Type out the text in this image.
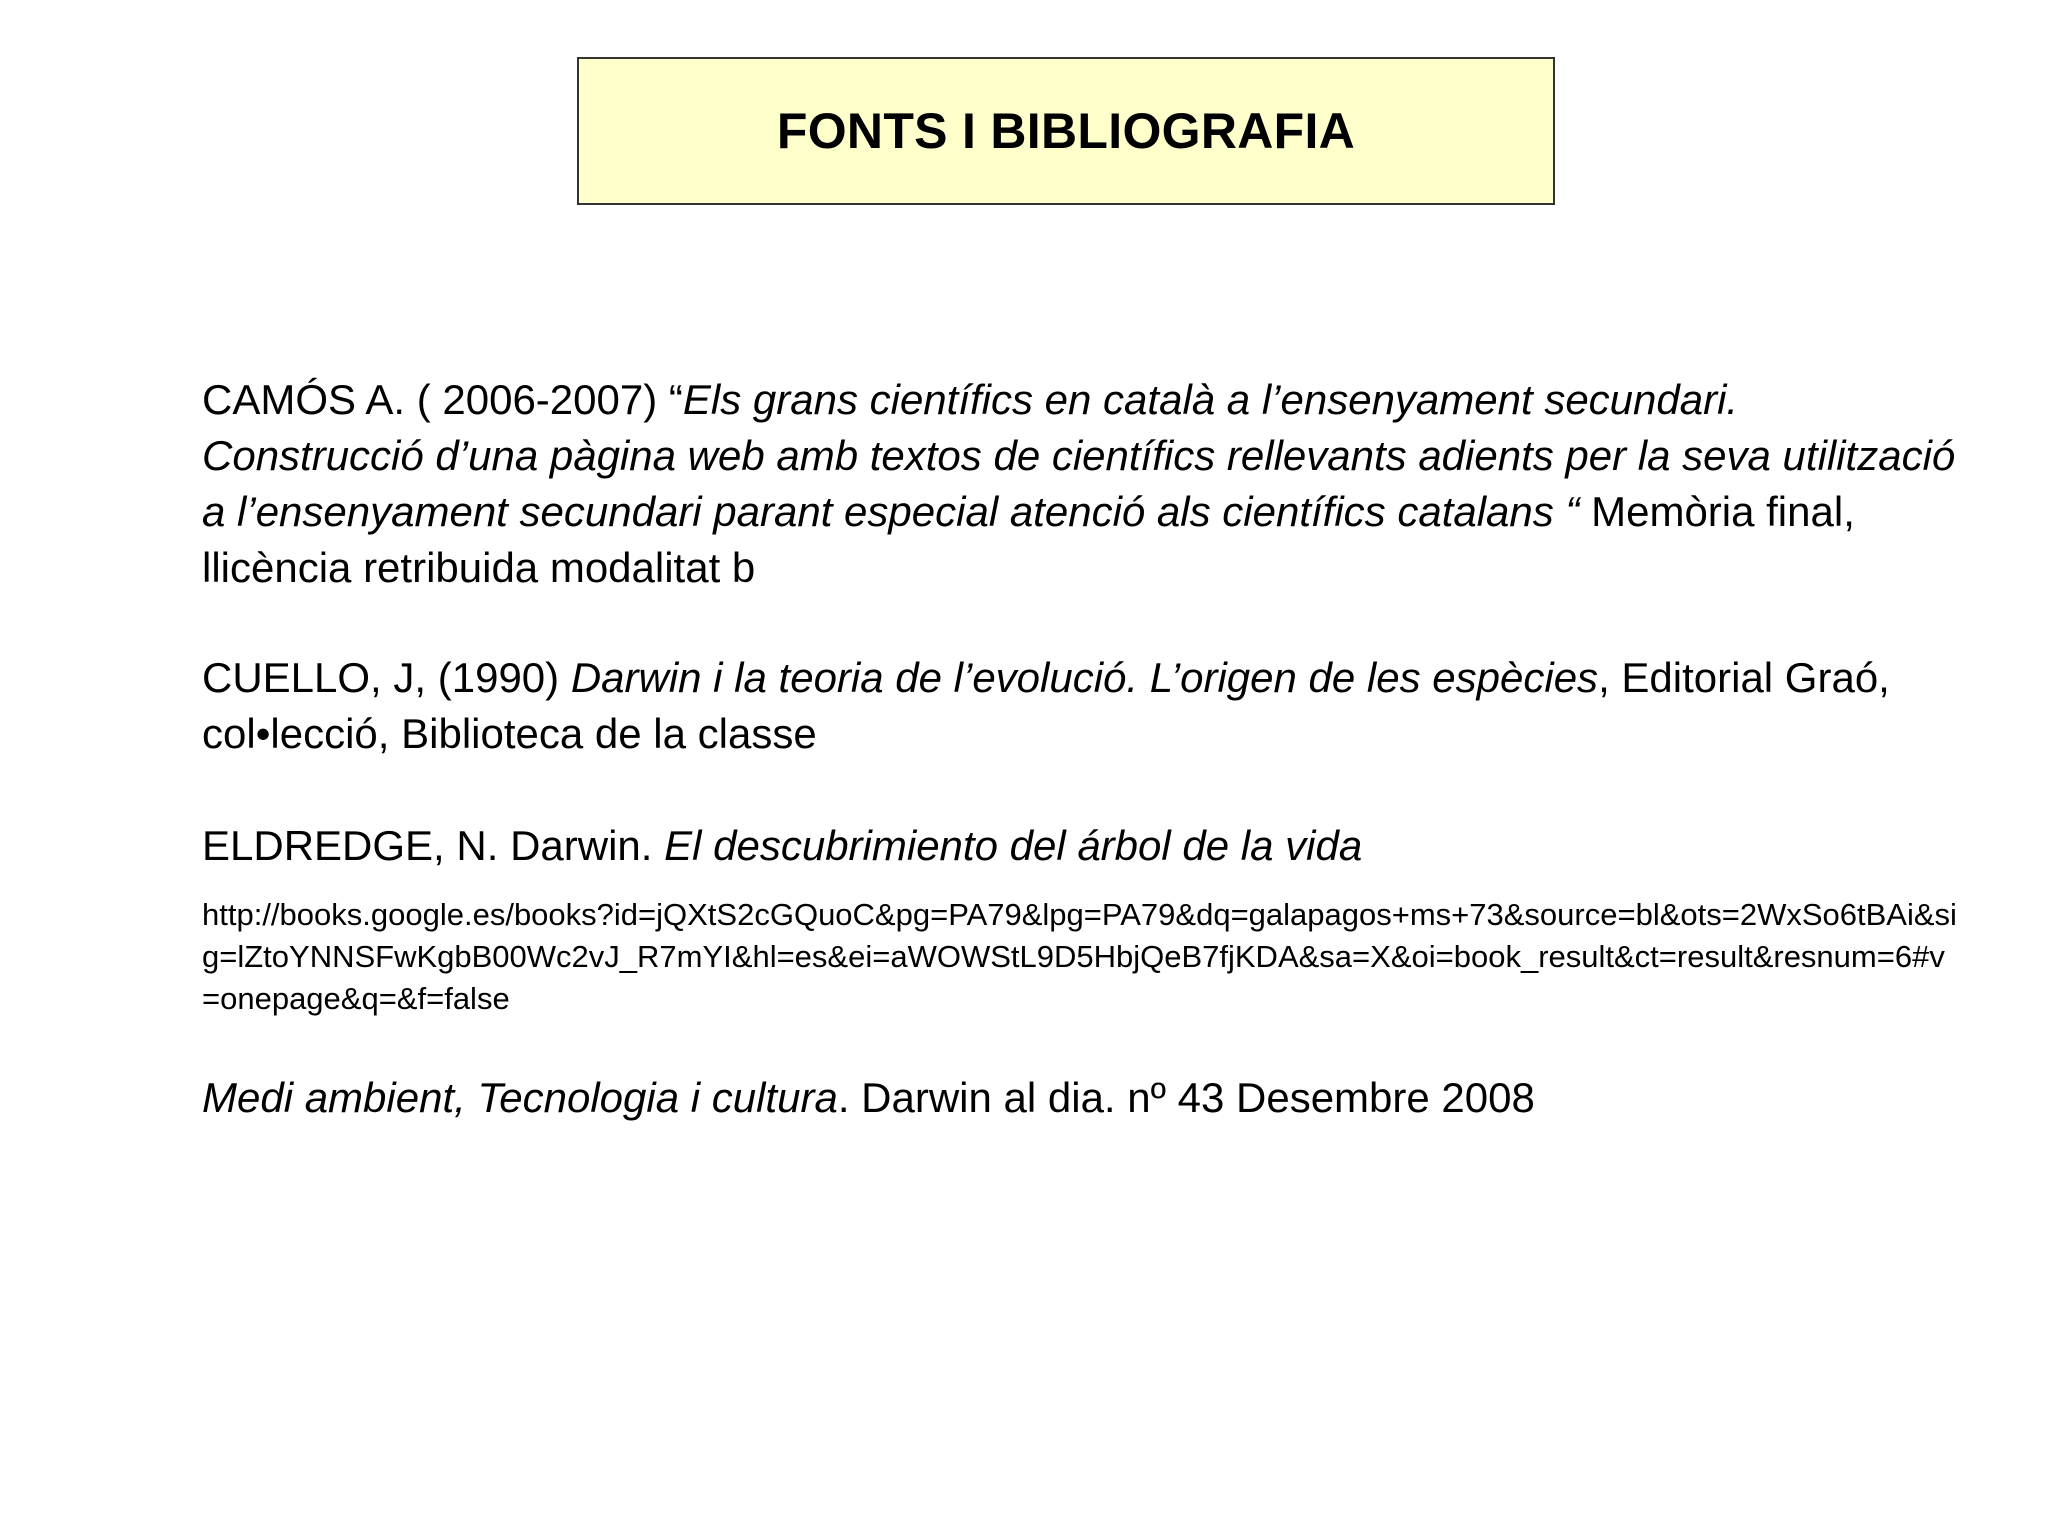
FONTS I BIBLIOGRAFIA

CAMÓS A. ( 2006-2007) “Els grans científics en català a l’ensenyament secundari. Construcció d’una pàgina web amb textos de científics rellevants adients per la seva utilització a l’ensenyament secundari parant especial atenció als científics catalans “ Memòria final, llicència retribuida modalitat b

CUELLO, J, (1990) Darwin i la teoria de l’evolució. L’origen de les espècies, Editorial Graó, col•lecció, Biblioteca de la classe

ELDREDGE, N. Darwin. El descubrimiento del árbol de la vida

http://books.google.es/books?id=jQXtS2cGQuoC&pg=PA79&lpg=PA79&dq=galapagos+ms+73&source=bl&ots=2WxSo6tBAi&sig=lZtoYNNSFwKgbB00Wc2vJ_R7mYI&hl=es&ei=aWOWStL9D5HbjQeB7fjKDA&sa=X&oi=book_result&ct=result&resnum=6#v=onepage&q=&f=false

Medi ambient, Tecnologia i cultura. Darwin al dia. nº 43 Desembre 2008
